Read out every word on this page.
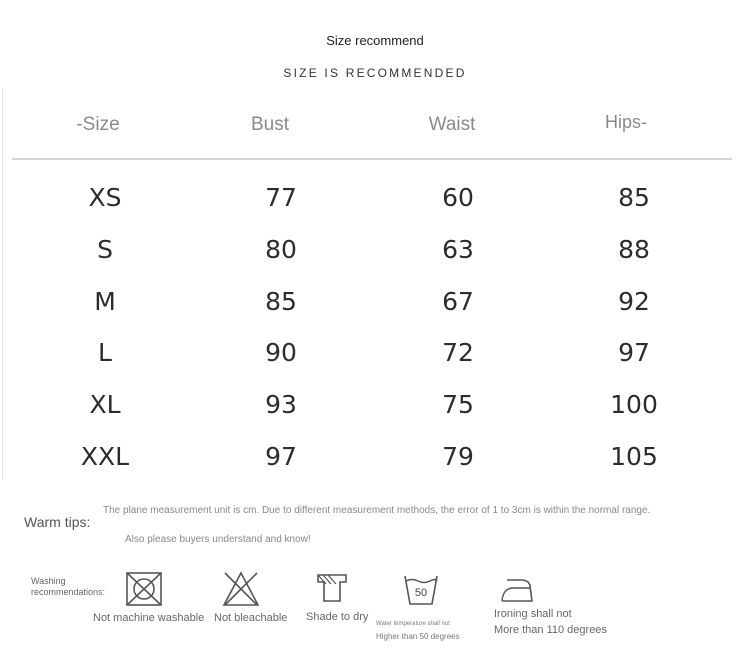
Size recommend
SIZE IS RECOMMENDED
-Size	Bust	Waist	Hips-
XS	77	60	85
S	80	63	88
M	85	67	92
L	90	72	97
XL	93	75	100
XXL	97	79	105
Warm tips:
The plane measurement unit is cm. Due to different measurement methods, the error of 1 to 3cm is within the normal range.
Also please buyers understand and know!
Washing recommendations:
Not machine washable Not bleachable Shade to dry
50
Water temperature shall not
Higher than 50 degrees
Ironing shall not
More than 110 degrees
